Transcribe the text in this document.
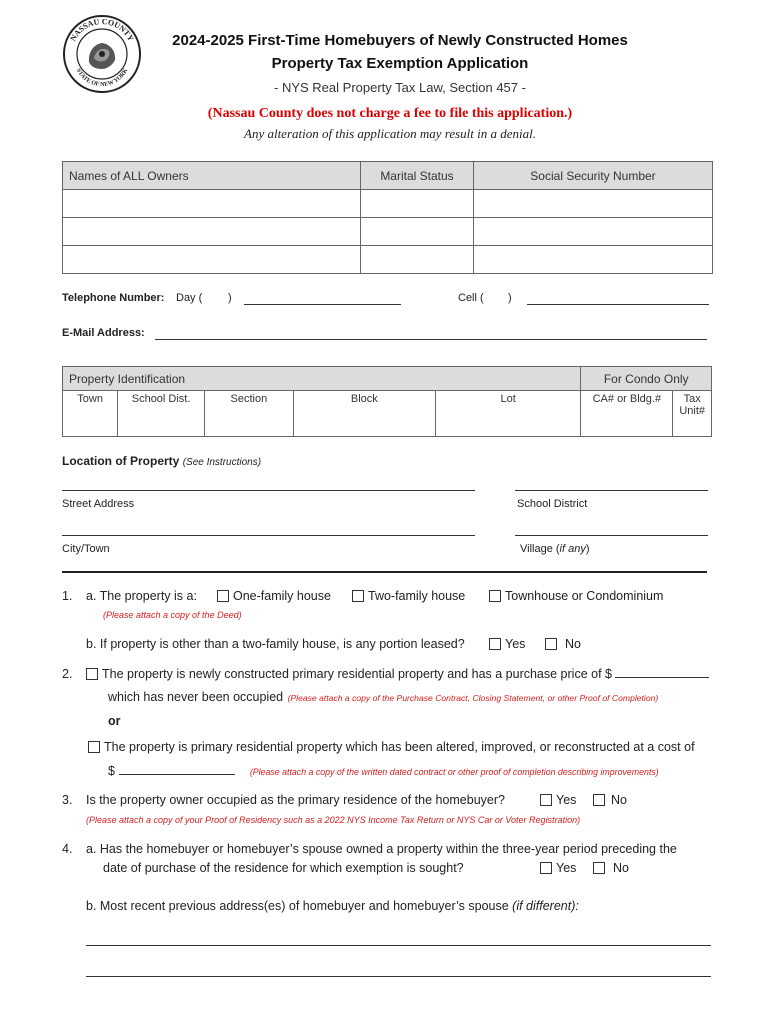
NASSAU COUNTY
STATE OF NEW YORK
2024-2025 First-Time Homebuyers of Newly Constructed Homes
Property Tax Exemption Application
- NYS Real Property Tax Law, Section 457 -
(Nassau County does not charge a fee to file this application.)
Any alteration of this application may result in a denial.
Names of ALL Owners	Marital Status	Social Security Number

Telephone Number: Day ( )	Cell ( )
E-Mail Address:
Property Identification					For Condo Only	
Town	School Dist.	Section	Block	Lot	CA# or Bldg.#	Tax Unit#
Location of Property (See Instructions)
Street Address	School District
City/Town	Village (if any)
1. a. The property is a:	One-family house	Two-family house	Townhouse or Condominium
(Please attach a copy of the Deed)
b. If property is other than a two-family house, is any portion leased?	Yes	No
2.	The property is newly constructed primary residential property and has a purchase price of $
which has never been occupied (Please attach a copy of the Purchase Contract, Closing Statement, or other Proof of Completion)
or
The property is primary residential property which has been altered, improved, or reconstructed at a cost of
$	(Please attach a copy of the written dated contract or other proof of completion describing improvements)
3. Is the property owner occupied as the primary residence of the homebuyer?	Yes	No
(Please attach a copy of your Proof of Residency such as a 2022 NYS Income Tax Return or NYS Car or Voter Registration)
4. a. Has the homebuyer or homebuyer’s spouse owned a property within the three-year period preceding the
date of purchase of the residence for which exemption is sought?	Yes	No
b. Most recent previous address(es) of homebuyer and homebuyer’s spouse (if different):
